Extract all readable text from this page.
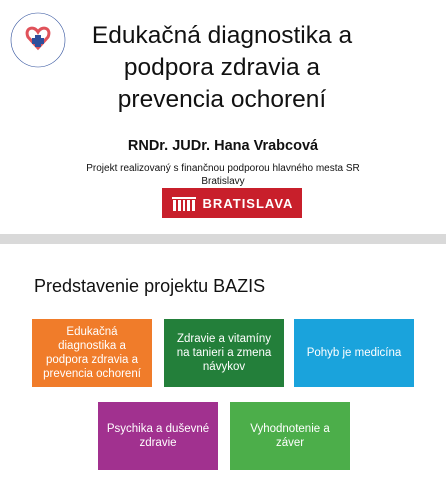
Edukačná diagnostika a podpora zdravia a prevencia ochorení
RNDr. JUDr. Hana Vrabcová
Projekt realizovaný s finančnou podporou hlavného mesta SR Bratislavy
BRATISLAVA
Predstavenie projektu BAZIS
Edukačná diagnostika a podpora zdravia a prevencia ochorení
Zdravie a vitamíny na tanieri a zmena návykov
Pohyb je medicína
Psychika a duševné zdravie
Vyhodnotenie a záver
